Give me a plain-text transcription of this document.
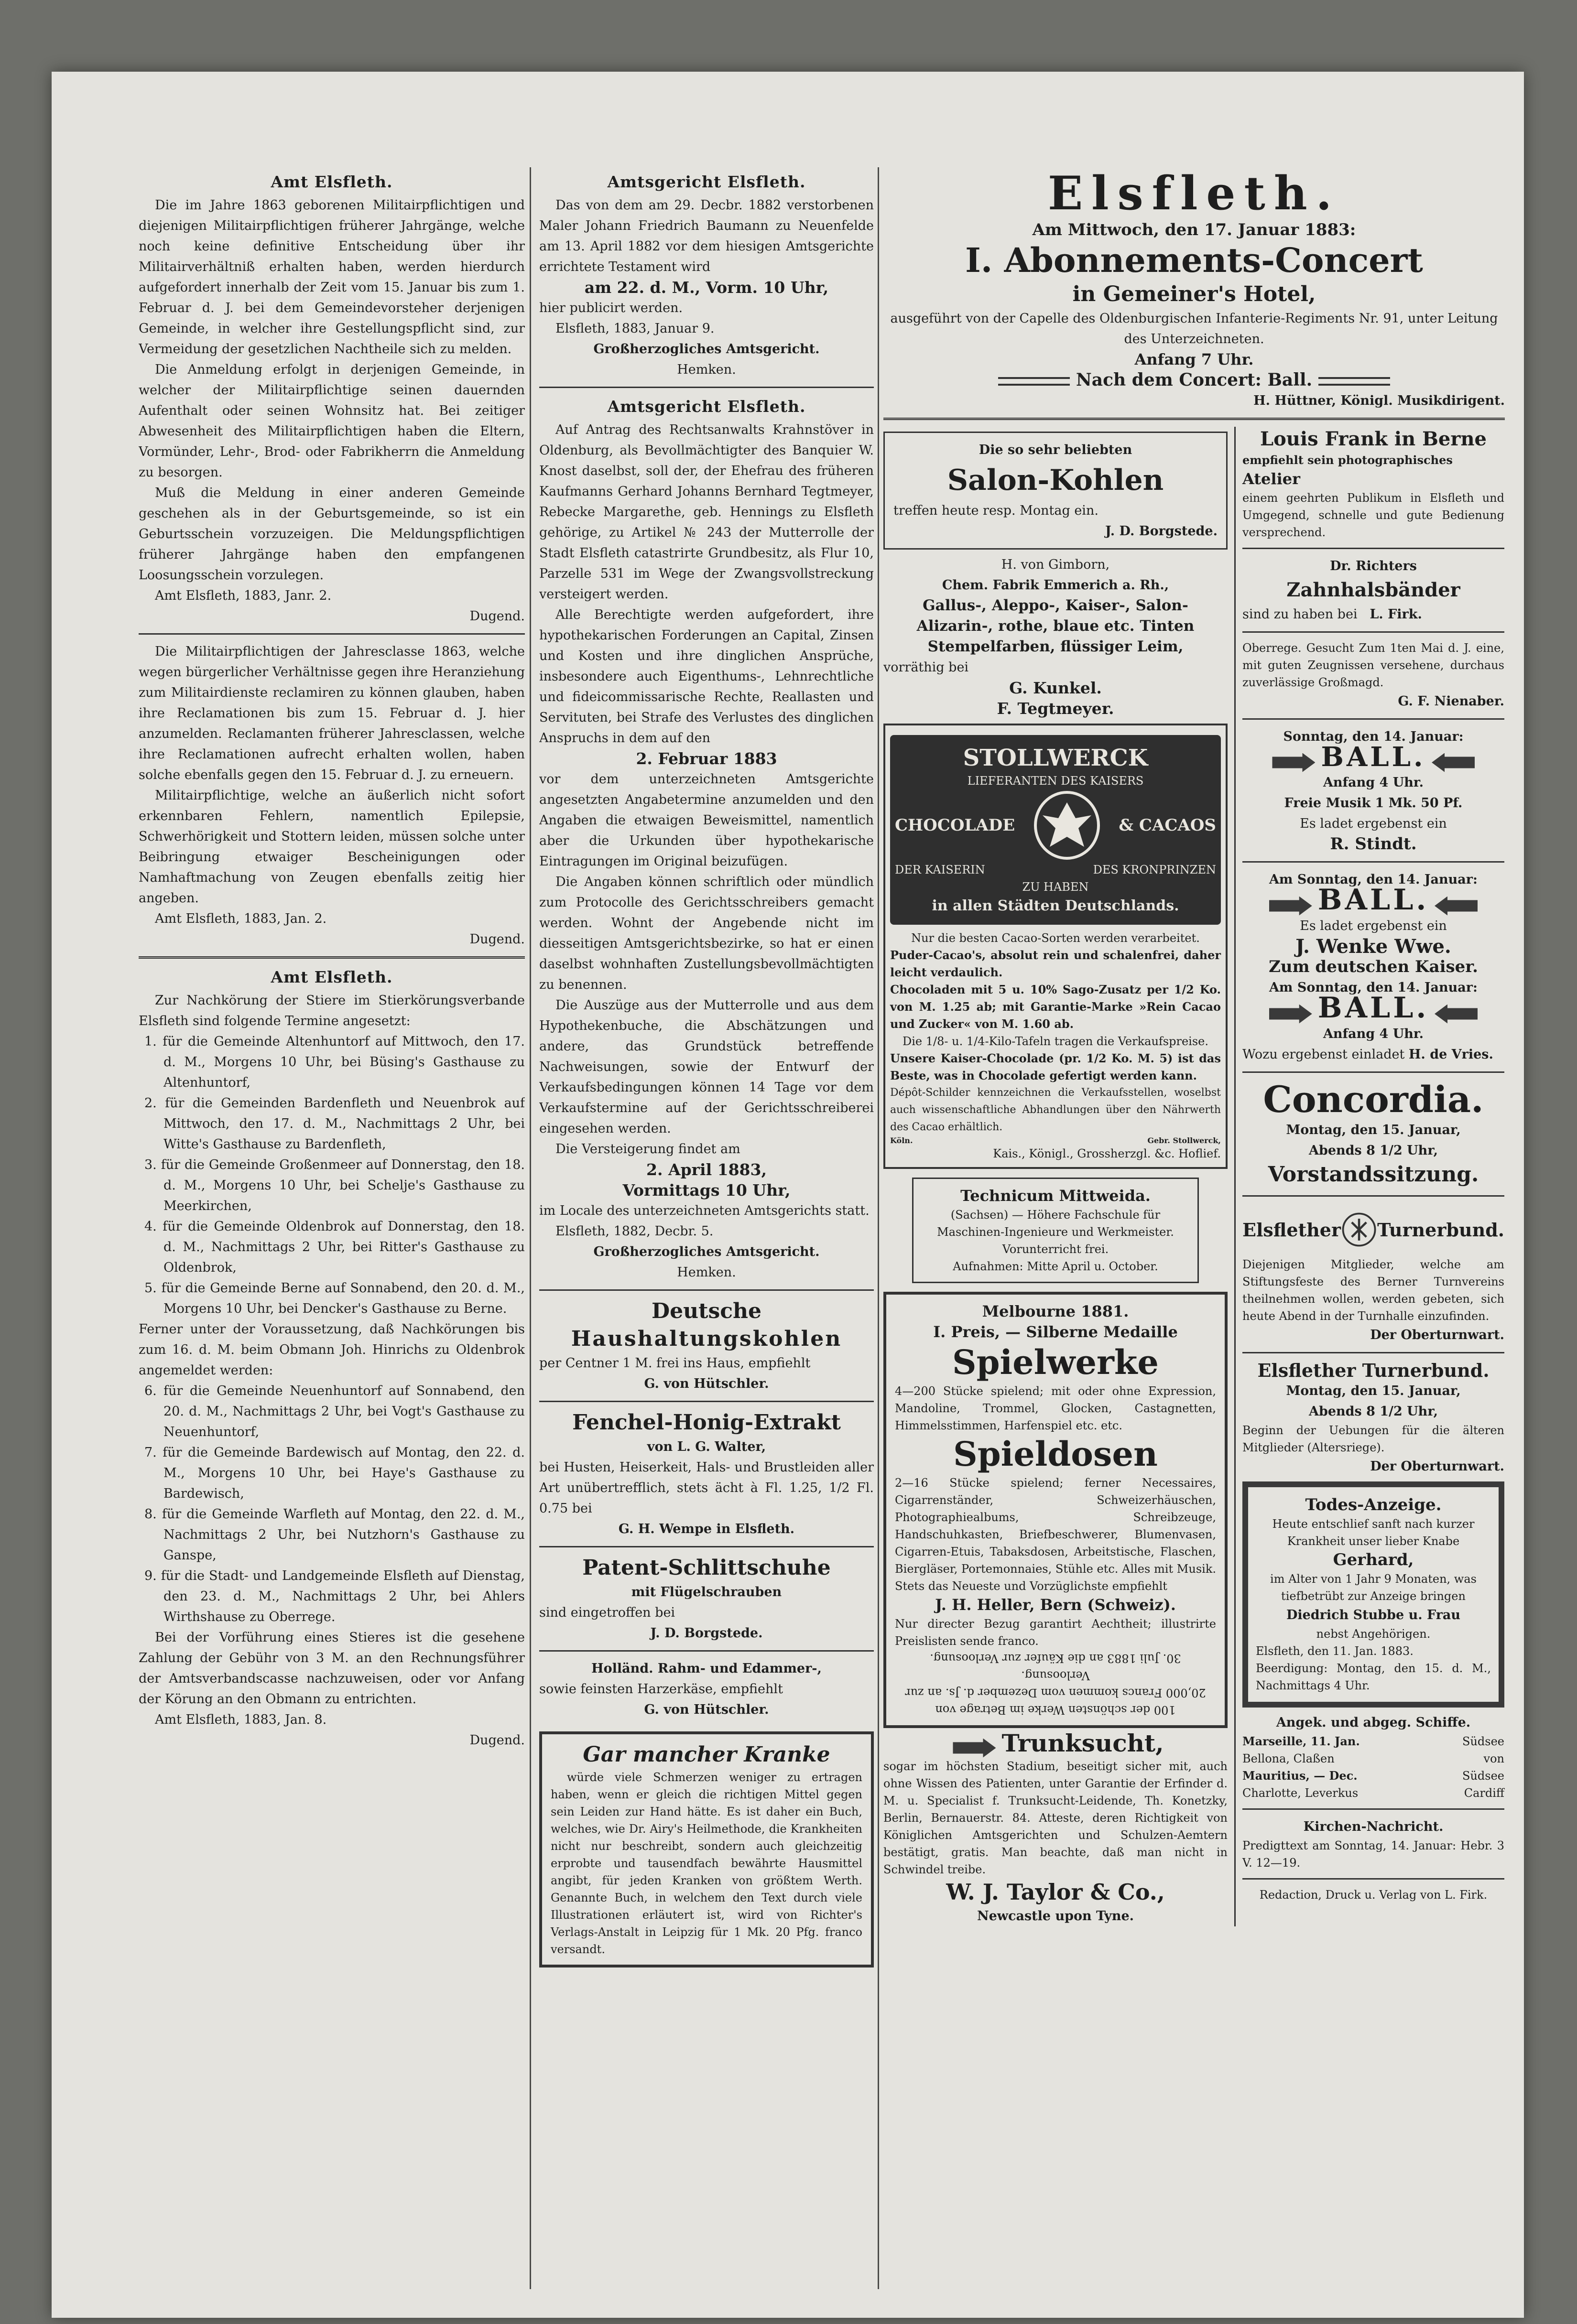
Amt Elsfleth.

Die im Jahre 1863 geborenen Militairpflichtigen und diejenigen Militairpflichtigen früherer Jahrgänge, welche noch keine definitive Entscheidung über ihr Militairverhältniß erhalten haben, werden hierdurch aufgefordert innerhalb der Zeit vom 15. Januar bis zum 1. Februar d. J. bei dem Gemeindevorsteher derjenigen Gemeinde, in welcher ihre Gestellungspflicht sind, zur Vermeidung der gesetzlichen Nachtheile sich zu melden.

Die Anmeldung erfolgt in derjenigen Gemeinde, in welcher der Militairpflichtige seinen dauernden Aufenthalt oder seinen Wohnsitz hat. Bei zeitiger Abwesenheit des Militairpflichtigen haben die Eltern, Vormünder, Lehr-, Brod- oder Fabrikherrn die Anmeldung zu besorgen.

Muß die Meldung in einer anderen Gemeinde geschehen als in der Geburtsgemeinde, so ist ein Geburtsschein vorzuzeigen. Die Meldungspflichtigen früherer Jahrgänge haben den empfangenen Loosungsschein vorzulegen.

Amt Elsfleth, 1883, Janr. 2.

Dugend.

Die Militairpflichtigen der Jahresclasse 1863, welche wegen bürgerlicher Verhältnisse gegen ihre Heranziehung zum Militairdienste reclamiren zu können glauben, haben ihre Reclamationen bis zum 15. Februar d. J. hier anzumelden. Reclamanten früherer Jahresclassen, welche ihre Reclamationen aufrecht erhalten wollen, haben solche ebenfalls gegen den 15. Februar d. J. zu erneuern.

Militairpflichtige, welche an äußerlich nicht sofort erkennbaren Fehlern, namentlich Epilepsie, Schwerhörigkeit und Stottern leiden, müssen solche unter Beibringung etwaiger Bescheinigungen oder Namhaftmachung von Zeugen ebenfalls zeitig hier angeben.

Amt Elsfleth, 1883, Jan. 2.

Dugend.

Amt Elsfleth.

Zur Nachkörung der Stiere im Stierkörungsverbande Elsfleth sind folgende Termine angesetzt:

1. für die Gemeinde Altenhuntorf auf Mittwoch, den 17. d. M., Morgens 10 Uhr, bei Büsing's Gasthause zu Altenhuntorf,

2. für die Gemeinden Bardenfleth und Neuenbrok auf Mittwoch, den 17. d. M., Nachmittags 2 Uhr, bei Witte's Gasthause zu Bardenfleth,

3. für die Gemeinde Großenmeer auf Donnerstag, den 18. d. M., Morgens 10 Uhr, bei Schelje's Gasthause zu Meerkirchen,

4. für die Gemeinde Oldenbrok auf Donnerstag, den 18. d. M., Nachmittags 2 Uhr, bei Ritter's Gasthause zu Oldenbrok,

5. für die Gemeinde Berne auf Sonnabend, den 20. d. M., Morgens 10 Uhr, bei Dencker's Gasthause zu Berne.

Ferner unter der Voraussetzung, daß Nachkörungen bis zum 16. d. M. beim Obmann Joh. Hinrichs zu Oldenbrok angemeldet werden:

6. für die Gemeinde Neuenhuntorf auf Sonnabend, den 20. d. M., Nachmittags 2 Uhr, bei Vogt's Gasthause zu Neuenhuntorf,

7. für die Gemeinde Bardewisch auf Montag, den 22. d. M., Morgens 10 Uhr, bei Haye's Gasthause zu Bardewisch,

8. für die Gemeinde Warfleth auf Montag, den 22. d. M., Nachmittags 2 Uhr, bei Nutzhorn's Gasthause zu Ganspe,

9. für die Stadt- und Landgemeinde Elsfleth auf Dienstag, den 23. d. M., Nachmittags 2 Uhr, bei Ahlers Wirthshause zu Oberrege.

Bei der Vorführung eines Stieres ist die gesehene Zahlung der Gebühr von 3 M. an den Rechnungsführer der Amtsverbandscasse nachzuweisen, oder vor Anfang der Körung an den Obmann zu entrichten.

Amt Elsfleth, 1883, Jan. 8.

Dugend.

Amtsgericht Elsfleth.

Das von dem am 29. Decbr. 1882 verstorbenen Maler Johann Friedrich Baumann zu Neuenfelde am 13. April 1882 vor dem hiesigen Amtsgerichte errichtete Testament wird

am 22. d. M., Vorm. 10 Uhr,

hier publicirt werden.

Elsfleth, 1883, Januar 9.

Großherzogliches Amtsgericht.

Hemken.

Amtsgericht Elsfleth.

Auf Antrag des Rechtsanwalts Krahnstöver in Oldenburg, als Bevollmächtigter des Banquier W. Knost daselbst, soll der, der Ehefrau des früheren Kaufmanns Gerhard Johanns Bernhard Tegtmeyer, Rebecke Margarethe, geb. Hennings zu Elsfleth gehörige, zu Artikel № 243 der Mutterrolle der Stadt Elsfleth catastrirte Grundbesitz, als Flur 10, Parzelle 531 im Wege der Zwangsvollstreckung versteigert werden.

Alle Berechtigte werden aufgefordert, ihre hypothekarischen Forderungen an Capital, Zinsen und Kosten und ihre dinglichen Ansprüche, insbesondere auch Eigenthums-, Lehnrechtliche und fideicommissarische Rechte, Reallasten und Servituten, bei Strafe des Verlustes des dinglichen Anspruchs in dem auf den

2. Februar 1883

vor dem unterzeichneten Amtsgerichte angesetzten Angabetermine anzumelden und den Angaben die etwaigen Beweismittel, namentlich aber die Urkunden über hypothekarische Eintragungen im Original beizufügen.

Die Angaben können schriftlich oder mündlich zum Protocolle des Gerichtsschreibers gemacht werden. Wohnt der Angebende nicht im diesseitigen Amtsgerichtsbezirke, so hat er einen daselbst wohnhaften Zustellungsbevollmächtigten zu benennen.

Die Auszüge aus der Mutterrolle und aus dem Hypothekenbuche, die Abschätzungen und andere, das Grundstück betreffende Nachweisungen, sowie der Entwurf der Verkaufsbedingungen können 14 Tage vor dem Verkaufstermine auf der Gerichtsschreiberei eingesehen werden.

Die Versteigerung findet am

2. April 1883,

Vormittags 10 Uhr,

im Locale des unterzeichneten Amtsgerichts statt.

Elsfleth, 1882, Decbr. 5.

Großherzogliches Amtsgericht.

Hemken.

Deutsche

Haushaltungskohlen

per Centner 1 M. frei ins Haus, empfiehlt

G. von Hütschler.

Fenchel-Honig-Extrakt

von L. G. Walter,

bei Husten, Heiserkeit, Hals- und Brustleiden aller Art unübertrefflich, stets ächt à Fl. 1.25, 1/2 Fl. 0.75 bei

G. H. Wempe in Elsfleth.

Patent-Schlittschuhe

mit Flügelschrauben

sind eingetroffen bei

J. D. Borgstede.

Holländ. Rahm- und Edammer-,

sowie feinsten Harzerkäse, empfiehlt

G. von Hütschler.

Gar mancher Kranke

würde viele Schmerzen weniger zu ertragen haben, wenn er gleich die richtigen Mittel gegen sein Leiden zur Hand hätte. Es ist daher ein Buch, welches, wie Dr. Airy's Heilmethode, die Krankheiten nicht nur beschreibt, sondern auch gleichzeitig erprobte und tausendfach bewährte Hausmittel angibt, für jeden Kranken von größtem Werth. Genannte Buch, in welchem den Text durch viele Illustrationen erläutert ist, wird von Richter's Verlags-Anstalt in Leipzig für 1 Mk. 20 Pfg. franco versandt.

Elsfleth.

Am Mittwoch, den 17. Januar 1883:

I. Abonnements-Concert

in Gemeiner's Hotel,

ausgeführt von der Capelle des Oldenburgischen Infanterie-Regiments Nr. 91, unter Leitung des Unterzeichneten.

Anfang 7 Uhr.

Nach dem Concert: Ball.

H. Hüttner, Königl. Musikdirigent.

Die so sehr beliebten

Salon-Kohlen

treffen heute resp. Montag ein.

J. D. Borgstede.

H. von Gimborn,

Chem. Fabrik Emmerich a. Rh.,

Gallus-, Aleppo-, Kaiser-, Salon-

Alizarin-, rothe, blaue etc. Tinten

Stempelfarben, flüssiger Leim,

vorräthig bei

G. Kunkel.

F. Tegtmeyer.

STOLLWERCK

LIEFERANTEN DES KAISERS

CHOCOLADE	& CACAOS
DER KAISERIN	DES KRONPRINZEN

ZU HABEN

in allen Städten Deutschlands.

Nur die besten Cacao-Sorten werden verarbeitet.

Puder-Cacao's, absolut rein und schalenfrei, daher leicht verdaulich.

Chocoladen mit 5 u. 10% Sago-Zusatz per 1/2 Ko. von M. 1.25 ab; mit Garantie-Marke »Rein Cacao und Zucker« von M. 1.60 ab.

Die 1/8- u. 1/4-Kilo-Tafeln tragen die Verkaufspreise.

Unsere Kaiser-Chocolade (pr. 1/2 Ko. M. 5) ist das Beste, was in Chocolade gefertigt werden kann.

Dépôt-Schilder kennzeichnen die Verkaufsstellen, woselbst auch wissenschaftliche Abhandlungen über den Nährwerth des Cacao erhältlich.

Köln.	Gebr. Stollwerck,

Kais., Königl., Grossherzgl. &c. Hoflief.

Technicum Mittweida.

(Sachsen) — Höhere Fachschule für Maschinen-Ingenieure und Werkmeister. Vorunterricht frei.

Aufnahmen: Mitte April u. October.

Melbourne 1881.

I. Preis, — Silberne Medaille

Spielwerke

4—200 Stücke spielend; mit oder ohne Expression, Mandoline, Trommel, Glocken, Castagnetten, Himmelsstimmen, Harfenspiel etc. etc.

Spieldosen

2—16 Stücke spielend; ferner Necessaires, Cigarrenständer, Schweizerhäuschen, Photographiealbums, Schreibzeuge, Handschuhkasten, Briefbeschwerer, Blumenvasen, Cigarren-Etuis, Tabaksdosen, Arbeitstische, Flaschen, Biergläser, Portemonnaies, Stühle etc. Alles mit Musik. Stets das Neueste und Vorzüglichste empfiehlt

J. H. Heller, Bern (Schweiz).

Nur directer Bezug garantirt Aechtheit; illustrirte Preislisten sende franco.

100 der schönsten Werke im Betrage von

20,000 Francs kommen vom Dezember d. Js. an zur Verloosung.

30. Juli 1883 an die Käufer zur Verloosung.

Trunksucht,

sogar im höchsten Stadium, beseitigt sicher mit, auch ohne Wissen des Patienten, unter Garantie der Erfinder d. M. u. Specialist f. Trunksucht-Leidende, Th. Konetzky, Berlin, Bernauerstr. 84. Atteste, deren Richtigkeit von Königlichen Amtsgerichten und Schulzen-Aemtern bestätigt, gratis. Man beachte, daß man nicht in Schwindel treibe.

W. J. Taylor & Co.,

Newcastle upon Tyne.

Louis Frank in Berne

empfiehlt sein photographisches

Atelier

einem geehrten Publikum in Elsfleth und Umgegend, schnelle und gute Bedienung versprechend.

Dr. Richters

Zahnhalsbänder

sind zu haben bei L. Firk.

Oberrege. Gesucht Zum 1ten Mai d. J. eine, mit guten Zeugnissen versehene, durchaus zuverlässige Großmagd.

G. F. Nienaber.

Sonntag, den 14. Januar:

BALL.

Anfang 4 Uhr.

Freie Musik 1 Mk. 50 Pf.

Es ladet ergebenst ein

R. Stindt.

Am Sonntag, den 14. Januar:

BALL.

Es ladet ergebenst ein

J. Wenke Wwe.

Zum deutschen Kaiser.

Am Sonntag, den 14. Januar:

BALL.

Anfang 4 Uhr.

Wozu ergebenst einladet H. de Vries.

Concordia.

Montag, den 15. Januar,

Abends 8 1/2 Uhr,

Vorstandssitzung.

Elsflether Turnerbund.

Diejenigen Mitglieder, welche am Stiftungsfeste des Berner Turnvereins theilnehmen wollen, werden gebeten, sich heute Abend in der Turnhalle einzufinden.

Der Oberturnwart.

Elsflether Turnerbund.

Montag, den 15. Januar,

Abends 8 1/2 Uhr,

Beginn der Uebungen für die älteren Mitglieder (Altersriege).

Der Oberturnwart.

Todes-Anzeige.

Heute entschlief sanft nach kurzer Krankheit unser lieber Knabe

Gerhard,

im Alter von 1 Jahr 9 Monaten, was tiefbetrübt zur Anzeige bringen

Diedrich Stubbe u. Frau

nebst Angehörigen.

Elsfleth, den 11. Jan. 1883.

Beerdigung: Montag, den 15. d. M., Nachmittags 4 Uhr.

Angek. und abgeg. Schiffe.

Marseille, 11. Jan.	Südsee
Bellona, Claßen	von
Mauritius, — Dec.	Südsee
Charlotte, Leverkus	Cardiff

Kirchen-Nachricht.

Predigttext am Sonntag, 14. Januar: Hebr. 3 V. 12—19.

Redaction, Druck u. Verlag von L. Firk.
